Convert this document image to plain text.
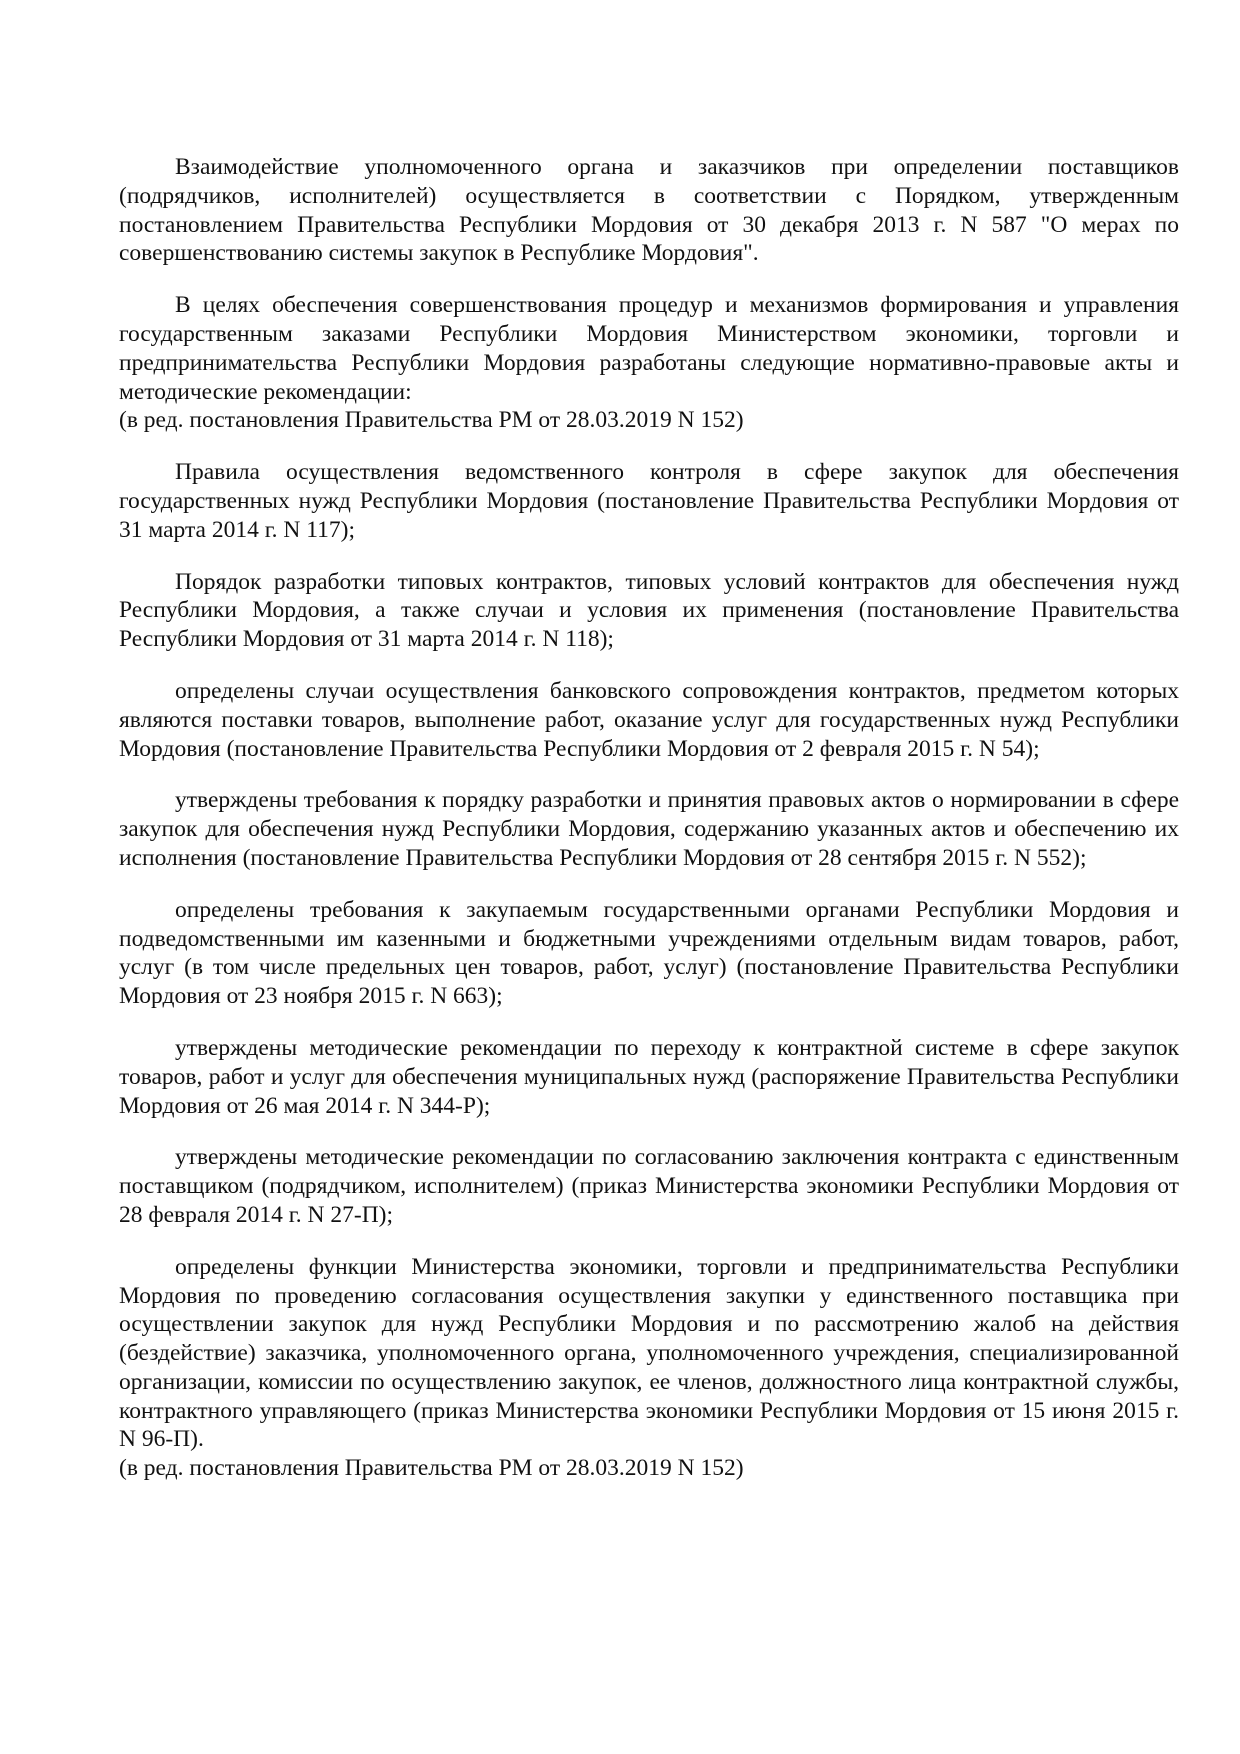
Взаимодействие уполномоченного органа и заказчиков при определении поставщиков (подрядчиков, исполнителей) осуществляется в соответствии с Порядком, утвержденным постановлением Правительства Республики Мордовия от 30 декабря 2013 г. N 587 "О мерах по совершенствованию системы закупок в Республике Мордовия".

В целях обеспечения совершенствования процедур и механизмов формирования и управления государственным заказами Республики Мордовия Министерством экономики, торговли и предпринимательства Республики Мордовия разработаны следующие нормативно-правовые акты и методические рекомендации:

(в ред. постановления Правительства РМ от 28.03.2019 N 152)

Правила осуществления ведомственного контроля в сфере закупок для обеспечения государственных нужд Республики Мордовия (постановление Правительства Республики Мордовия от 31 марта 2014 г. N 117);

Порядок разработки типовых контрактов, типовых условий контрактов для обеспечения нужд Республики Мордовия, а также случаи и условия их применения (постановление Правительства Республики Мордовия от 31 марта 2014 г. N 118);

определены случаи осуществления банковского сопровождения контрактов, предметом которых являются поставки товаров, выполнение работ, оказание услуг для государственных нужд Республики Мордовия (постановление Правительства Республики Мордовия от 2 февраля 2015 г. N 54);

утверждены требования к порядку разработки и принятия правовых актов о нормировании в сфере закупок для обеспечения нужд Республики Мордовия, содержанию указанных актов и обеспечению их исполнения (постановление Правительства Республики Мордовия от 28 сентября 2015 г. N 552);

определены требования к закупаемым государственными органами Республики Мордовия и подведомственными им казенными и бюджетными учреждениями отдельным видам товаров, работ, услуг (в том числе предельных цен товаров, работ, услуг) (постановление Правительства Республики Мордовия от 23 ноября 2015 г. N 663);

утверждены методические рекомендации по переходу к контрактной системе в сфере закупок товаров, работ и услуг для обеспечения муниципальных нужд (распоряжение Правительства Республики Мордовия от 26 мая 2014 г. N 344-Р);

утверждены методические рекомендации по согласованию заключения контракта с единственным поставщиком (подрядчиком, исполнителем) (приказ Министерства экономики Республики Мордовия от 28 февраля 2014 г. N 27-П);

определены функции Министерства экономики, торговли и предпринимательства Республики Мордовия по проведению согласования осуществления закупки у единственного поставщика при осуществлении закупок для нужд Республики Мордовия и по рассмотрению жалоб на действия (бездействие) заказчика, уполномоченного органа, уполномоченного учреждения, специализированной организации, комиссии по осуществлению закупок, ее членов, должностного лица контрактной службы, контрактного управляющего (приказ Министерства экономики Республики Мордовия от 15 июня 2015 г. N 96-П).

(в ред. постановления Правительства РМ от 28.03.2019 N 152)
